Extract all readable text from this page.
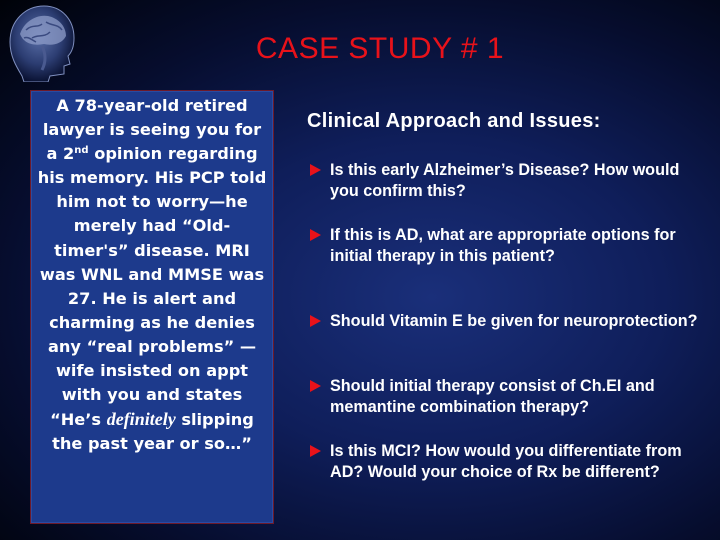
CASE STUDY # 1
A 78-year-old retired lawyer is seeing you for a 2nd opinion regarding his memory. His PCP told him not to worry—he merely had “Old-timer's” disease. MRI was WNL and MMSE was 27. He is alert and charming as he denies any “real problems” — wife insisted on appt with you and states “He’s definitely slipping the past year or so…”
Clinical Approach and Issues:
Is this early Alzheimer’s Disease? How would you confirm this?
If this is AD, what are appropriate options for initial therapy in this patient?
Should Vitamin E be given for neuroprotection?
Should initial therapy consist of Ch.EI and memantine combination therapy?
Is this MCI? How would you differentiate from AD? Would your choice of Rx be different?
